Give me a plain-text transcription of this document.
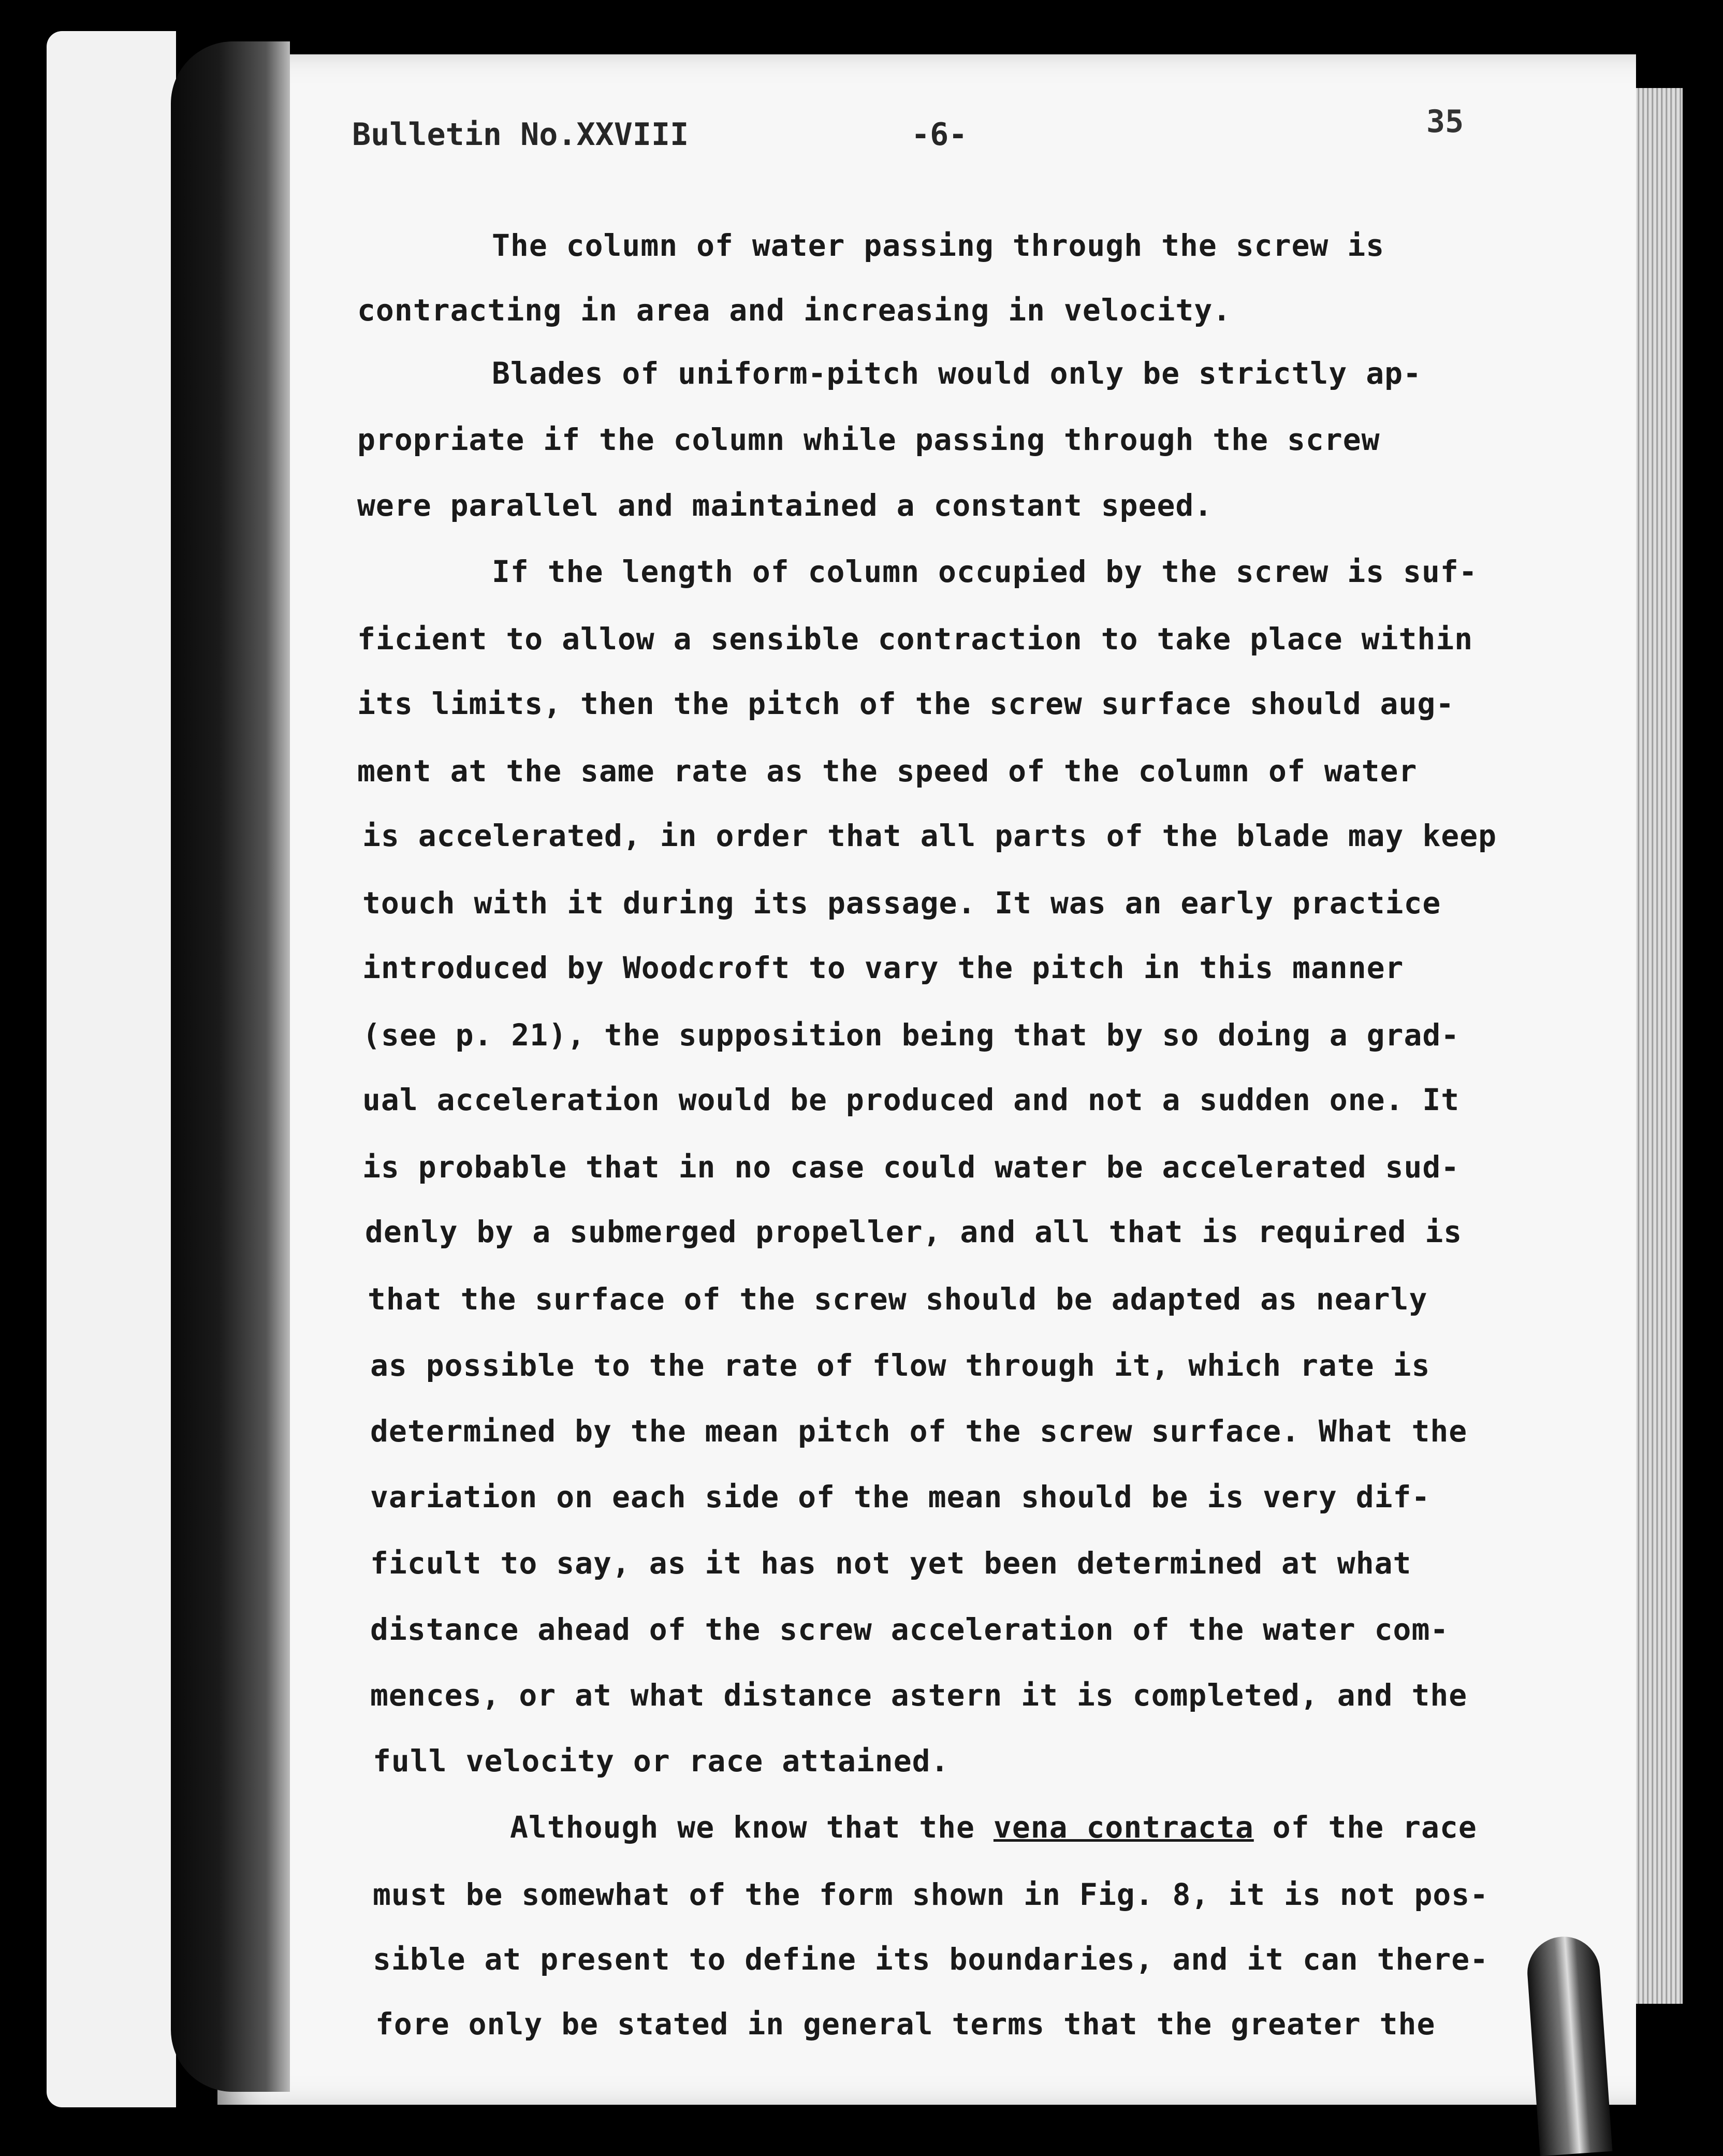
Bulletin No.XXVIII	-6-	35
The column of water passing through the screw is
contracting in area and increasing in velocity.
Blades of uniform-pitch would only be strictly ap-
propriate if the column while passing through the screw
were parallel and maintained a constant speed.
If the length of column occupied by the screw is suf-
ficient to allow a sensible contraction to take place within
its limits, then the pitch of the screw surface should aug-
ment at the same rate as the speed of the column of water
is accelerated, in order that all parts of the blade may keep
touch with it during its passage. It was an early practice
introduced by Woodcroft to vary the pitch in this manner
(see p. 21), the supposition being that by so doing a grad-
ual acceleration would be produced and not a sudden one. It
is probable that in no case could water be accelerated sud-
denly by a submerged propeller, and all that is required is
that the surface of the screw should be adapted as nearly
as possible to the rate of flow through it, which rate is
determined by the mean pitch of the screw surface. What the
variation on each side of the mean should be is very dif-
ficult to say, as it has not yet been determined at what
distance ahead of the screw acceleration of the water com-
mences, or at what distance astern it is completed, and the
full velocity or race attained.
Although we know that the vena contracta of the race
must be somewhat of the form shown in Fig. 8, it is not pos-
sible at present to define its boundaries, and it can there-
fore only be stated in general terms that the greater the
